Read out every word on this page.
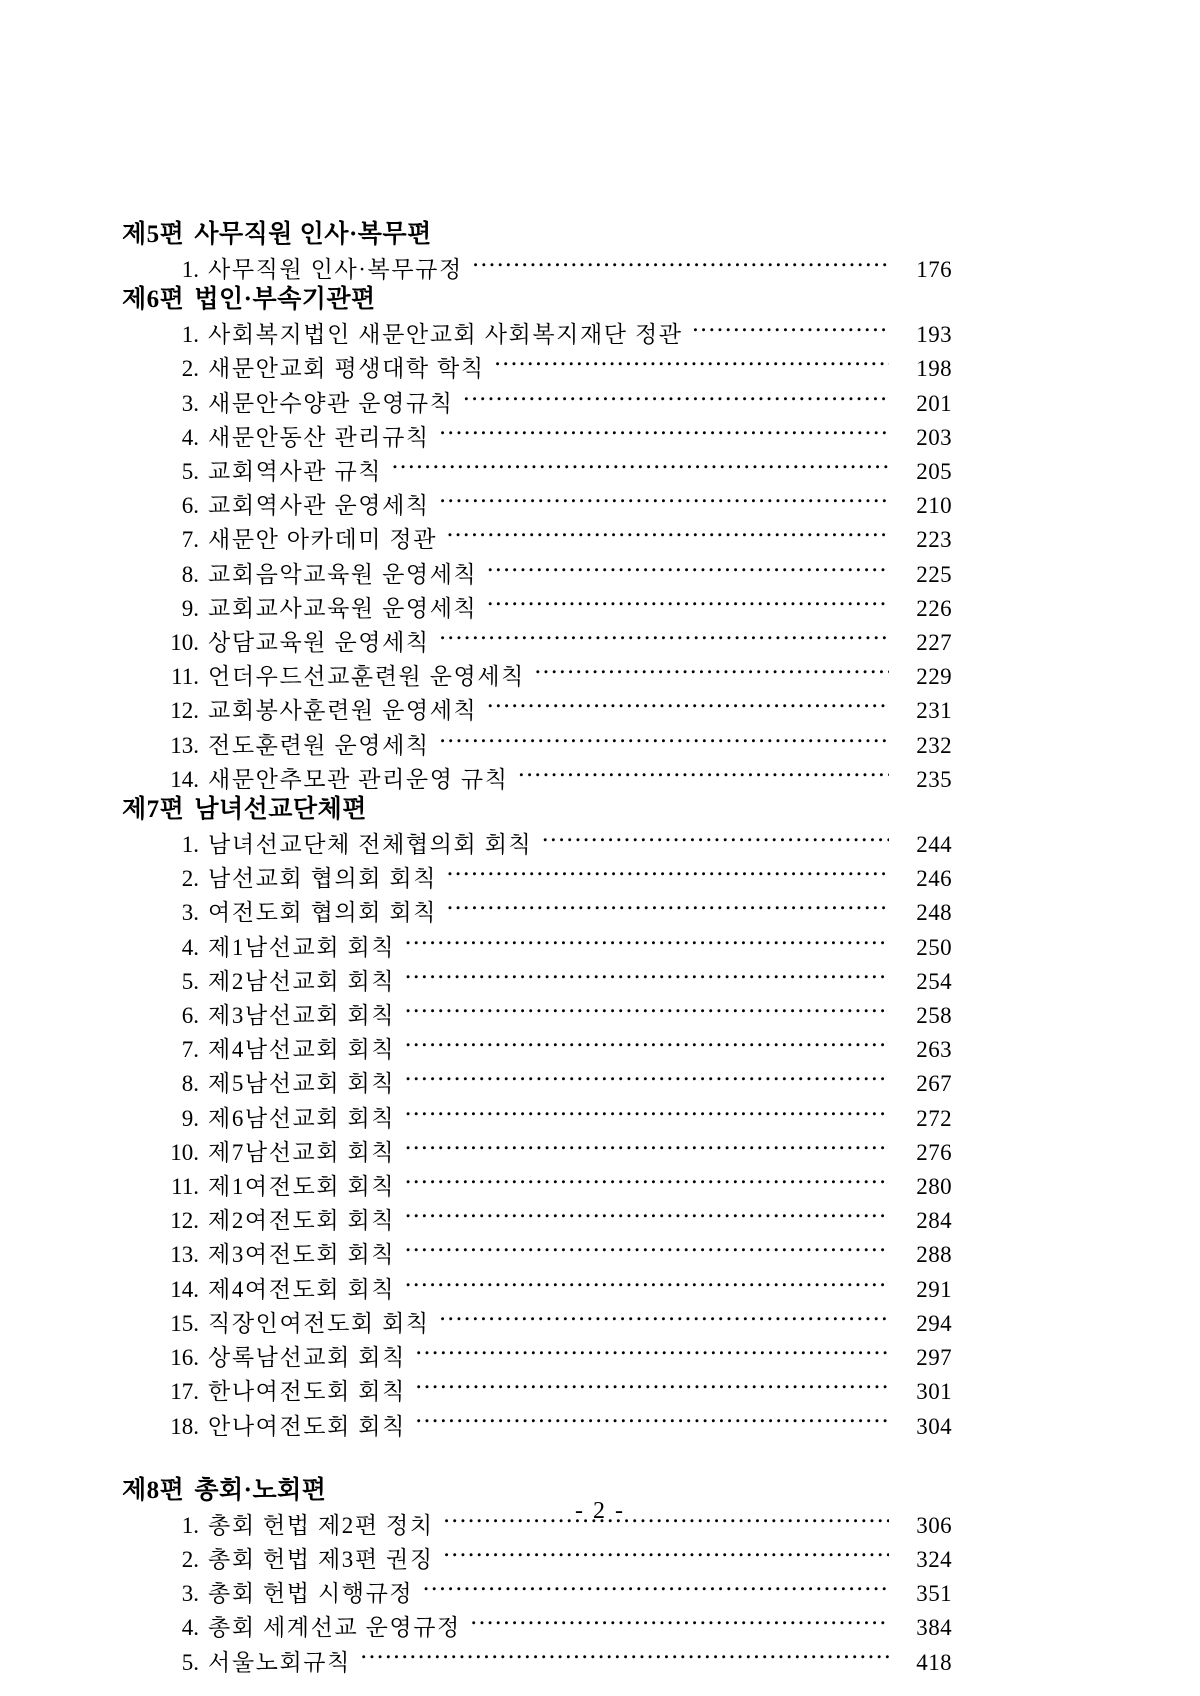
제5편 사무직원 인사·복무편
1. 사무직원 인사·복무규정 ․․․․․․․․․․․․․․․․․․․․․․․․․․․․․․․․․․․․․․․․․․․․․․․․․․․․․․․․․․․․․․․․․․․․․․․․․․․․․․․․․․․․․․․․․․․․	176
제6편 법인·부속기관편
1. 사회복지법인 새문안교회 사회복지재단 정관 ․․․․․․․․․․․․․․․․․․․․․․․․․․․․․․․․․․․․․․․․․․․․․․․․․․․․․․․․․․․․․․․․․․․․․․․․․․․․․․․․․․․․․․․․․․․․	193
2. 새문안교회 평생대학 학칙 ․․․․․․․․․․․․․․․․․․․․․․․․․․․․․․․․․․․․․․․․․․․․․․․․․․․․․․․․․․․․․․․․․․․․․․․․․․․․․․․․․․․․․․․․․․․․	198
3. 새문안수양관 운영규칙 ․․․․․․․․․․․․․․․․․․․․․․․․․․․․․․․․․․․․․․․․․․․․․․․․․․․․․․․․․․․․․․․․․․․․․․․․․․․․․․․․․․․․․․․․․․․․	201
4. 새문안동산 관리규칙 ․․․․․․․․․․․․․․․․․․․․․․․․․․․․․․․․․․․․․․․․․․․․․․․․․․․․․․․․․․․․․․․․․․․․․․․․․․․․․․․․․․․․․․․․․․․․	203
5. 교회역사관 규칙 ․․․․․․․․․․․․․․․․․․․․․․․․․․․․․․․․․․․․․․․․․․․․․․․․․․․․․․․․․․․․․․․․․․․․․․․․․․․․․․․․․․․․․․․․․․․․	205
6. 교회역사관 운영세칙 ․․․․․․․․․․․․․․․․․․․․․․․․․․․․․․․․․․․․․․․․․․․․․․․․․․․․․․․․․․․․․․․․․․․․․․․․․․․․․․․․․․․․․․․․․․․․	210
7. 새문안 아카데미 정관 ․․․․․․․․․․․․․․․․․․․․․․․․․․․․․․․․․․․․․․․․․․․․․․․․․․․․․․․․․․․․․․․․․․․․․․․․․․․․․․․․․․․․․․․․․․․․	223
8. 교회음악교육원 운영세칙 ․․․․․․․․․․․․․․․․․․․․․․․․․․․․․․․․․․․․․․․․․․․․․․․․․․․․․․․․․․․․․․․․․․․․․․․․․․․․․․․․․․․․․․․․․․․․	225
9. 교회교사교육원 운영세칙 ․․․․․․․․․․․․․․․․․․․․․․․․․․․․․․․․․․․․․․․․․․․․․․․․․․․․․․․․․․․․․․․․․․․․․․․․․․․․․․․․․․․․․․․․․․․․	226
10. 상담교육원 운영세칙 ․․․․․․․․․․․․․․․․․․․․․․․․․․․․․․․․․․․․․․․․․․․․․․․․․․․․․․․․․․․․․․․․․․․․․․․․․․․․․․․․․․․․․․․․․․․․	227
11. 언더우드선교훈련원 운영세칙 ․․․․․․․․․․․․․․․․․․․․․․․․․․․․․․․․․․․․․․․․․․․․․․․․․․․․․․․․․․․․․․․․․․․․․․․․․․․․․․․․․․․․․․․․․․․․	229
12. 교회봉사훈련원 운영세칙 ․․․․․․․․․․․․․․․․․․․․․․․․․․․․․․․․․․․․․․․․․․․․․․․․․․․․․․․․․․․․․․․․․․․․․․․․․․․․․․․․․․․․․․․․․․․․	231
13. 전도훈련원 운영세칙 ․․․․․․․․․․․․․․․․․․․․․․․․․․․․․․․․․․․․․․․․․․․․․․․․․․․․․․․․․․․․․․․․․․․․․․․․․․․․․․․․․․․․․․․․․․․․	232
14. 새문안추모관 관리운영 규칙 ․․․․․․․․․․․․․․․․․․․․․․․․․․․․․․․․․․․․․․․․․․․․․․․․․․․․․․․․․․․․․․․․․․․․․․․․․․․․․․․․․․․․․․․․․․․․	235
제7편 남녀선교단체편
1. 남녀선교단체 전체협의회 회칙 ․․․․․․․․․․․․․․․․․․․․․․․․․․․․․․․․․․․․․․․․․․․․․․․․․․․․․․․․․․․․․․․․․․․․․․․․․․․․․․․․․․․․․․․․․․․․	244
2. 남선교회 협의회 회칙 ․․․․․․․․․․․․․․․․․․․․․․․․․․․․․․․․․․․․․․․․․․․․․․․․․․․․․․․․․․․․․․․․․․․․․․․․․․․․․․․․․․․․․․․․․․․․	246
3. 여전도회 협의회 회칙 ․․․․․․․․․․․․․․․․․․․․․․․․․․․․․․․․․․․․․․․․․․․․․․․․․․․․․․․․․․․․․․․․․․․․․․․․․․․․․․․․․․․․․․․․․․․․	248
4. 제1남선교회 회칙 ․․․․․․․․․․․․․․․․․․․․․․․․․․․․․․․․․․․․․․․․․․․․․․․․․․․․․․․․․․․․․․․․․․․․․․․․․․․․․․․․․․․․․․․․․․․․	250
5. 제2남선교회 회칙 ․․․․․․․․․․․․․․․․․․․․․․․․․․․․․․․․․․․․․․․․․․․․․․․․․․․․․․․․․․․․․․․․․․․․․․․․․․․․․․․․․․․․․․․․․․․․	254
6. 제3남선교회 회칙 ․․․․․․․․․․․․․․․․․․․․․․․․․․․․․․․․․․․․․․․․․․․․․․․․․․․․․․․․․․․․․․․․․․․․․․․․․․․․․․․․․․․․․․․․․․․․	258
7. 제4남선교회 회칙 ․․․․․․․․․․․․․․․․․․․․․․․․․․․․․․․․․․․․․․․․․․․․․․․․․․․․․․․․․․․․․․․․․․․․․․․․․․․․․․․․․․․․․․․․․․․․	263
8. 제5남선교회 회칙 ․․․․․․․․․․․․․․․․․․․․․․․․․․․․․․․․․․․․․․․․․․․․․․․․․․․․․․․․․․․․․․․․․․․․․․․․․․․․․․․․․․․․․․․․․․․․	267
9. 제6남선교회 회칙 ․․․․․․․․․․․․․․․․․․․․․․․․․․․․․․․․․․․․․․․․․․․․․․․․․․․․․․․․․․․․․․․․․․․․․․․․․․․․․․․․․․․․․․․․․․․․	272
10. 제7남선교회 회칙 ․․․․․․․․․․․․․․․․․․․․․․․․․․․․․․․․․․․․․․․․․․․․․․․․․․․․․․․․․․․․․․․․․․․․․․․․․․․․․․․․․․․․․․․․․․․․	276
11. 제1여전도회 회칙 ․․․․․․․․․․․․․․․․․․․․․․․․․․․․․․․․․․․․․․․․․․․․․․․․․․․․․․․․․․․․․․․․․․․․․․․․․․․․․․․․․․․․․․․․․․․․	280
12. 제2여전도회 회칙 ․․․․․․․․․․․․․․․․․․․․․․․․․․․․․․․․․․․․․․․․․․․․․․․․․․․․․․․․․․․․․․․․․․․․․․․․․․․․․․․․․․․․․․․․․․․․	284
13. 제3여전도회 회칙 ․․․․․․․․․․․․․․․․․․․․․․․․․․․․․․․․․․․․․․․․․․․․․․․․․․․․․․․․․․․․․․․․․․․․․․․․․․․․․․․․․․․․․․․․․․․․	288
14. 제4여전도회 회칙 ․․․․․․․․․․․․․․․․․․․․․․․․․․․․․․․․․․․․․․․․․․․․․․․․․․․․․․․․․․․․․․․․․․․․․․․․․․․․․․․․․․․․․․․․․․․․	291
15. 직장인여전도회 회칙 ․․․․․․․․․․․․․․․․․․․․․․․․․․․․․․․․․․․․․․․․․․․․․․․․․․․․․․․․․․․․․․․․․․․․․․․․․․․․․․․․․․․․․․․․․․․․	294
16. 상록남선교회 회칙 ․․․․․․․․․․․․․․․․․․․․․․․․․․․․․․․․․․․․․․․․․․․․․․․․․․․․․․․․․․․․․․․․․․․․․․․․․․․․․․․․․․․․․․․․․․․․	297
17. 한나여전도회 회칙 ․․․․․․․․․․․․․․․․․․․․․․․․․․․․․․․․․․․․․․․․․․․․․․․․․․․․․․․․․․․․․․․․․․․․․․․․․․․․․․․․․․․․․․․․․․․․	301
18. 안나여전도회 회칙 ․․․․․․․․․․․․․․․․․․․․․․․․․․․․․․․․․․․․․․․․․․․․․․․․․․․․․․․․․․․․․․․․․․․․․․․․․․․․․․․․․․․․․․․․․․․․	304
제8편 총회·노회편
1. 총회 헌법 제2편 정치 ․․․․․․․․․․․․․․․․․․․․․․․․․․․․․․․․․․․․․․․․․․․․․․․․․․․․․․․․․․․․․․․․․․․․․․․․․․․․․․․․․․․․․․․․․․․․	306
2. 총회 헌법 제3편 권징 ․․․․․․․․․․․․․․․․․․․․․․․․․․․․․․․․․․․․․․․․․․․․․․․․․․․․․․․․․․․․․․․․․․․․․․․․․․․․․․․․․․․․․․․․․․․․	324
3. 총회 헌법 시행규정 ․․․․․․․․․․․․․․․․․․․․․․․․․․․․․․․․․․․․․․․․․․․․․․․․․․․․․․․․․․․․․․․․․․․․․․․․․․․․․․․․․․․․․․․․․․․․	351
4. 총회 세계선교 운영규정 ․․․․․․․․․․․․․․․․․․․․․․․․․․․․․․․․․․․․․․․․․․․․․․․․․․․․․․․․․․․․․․․․․․․․․․․․․․․․․․․․․․․․․․․․․․․․	384
5. 서울노회규칙 ․․․․․․․․․․․․․․․․․․․․․․․․․․․․․․․․․․․․․․․․․․․․․․․․․․․․․․․․․․․․․․․․․․․․․․․․․․․․․․․․․․․․․․․․․․․․	418
- 2 -
